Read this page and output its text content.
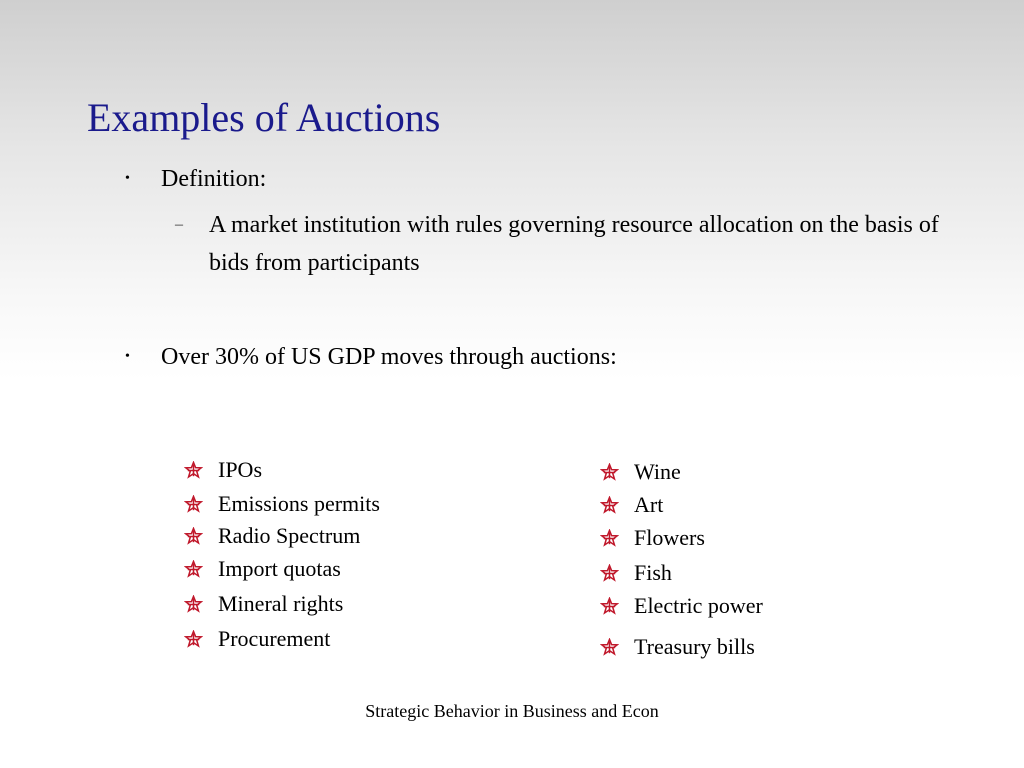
Examples of Auctions
• Definition:
– A market institution with rules governing resource allocation on the basis of bids from participants
• Over 30% of US GDP moves through auctions:
IPOs
Emissions permits
Radio Spectrum
Import quotas
Mineral rights
Procurement
Wine
Art
Flowers
Fish
Electric power
Treasury bills
Strategic Behavior in Business and Econ
